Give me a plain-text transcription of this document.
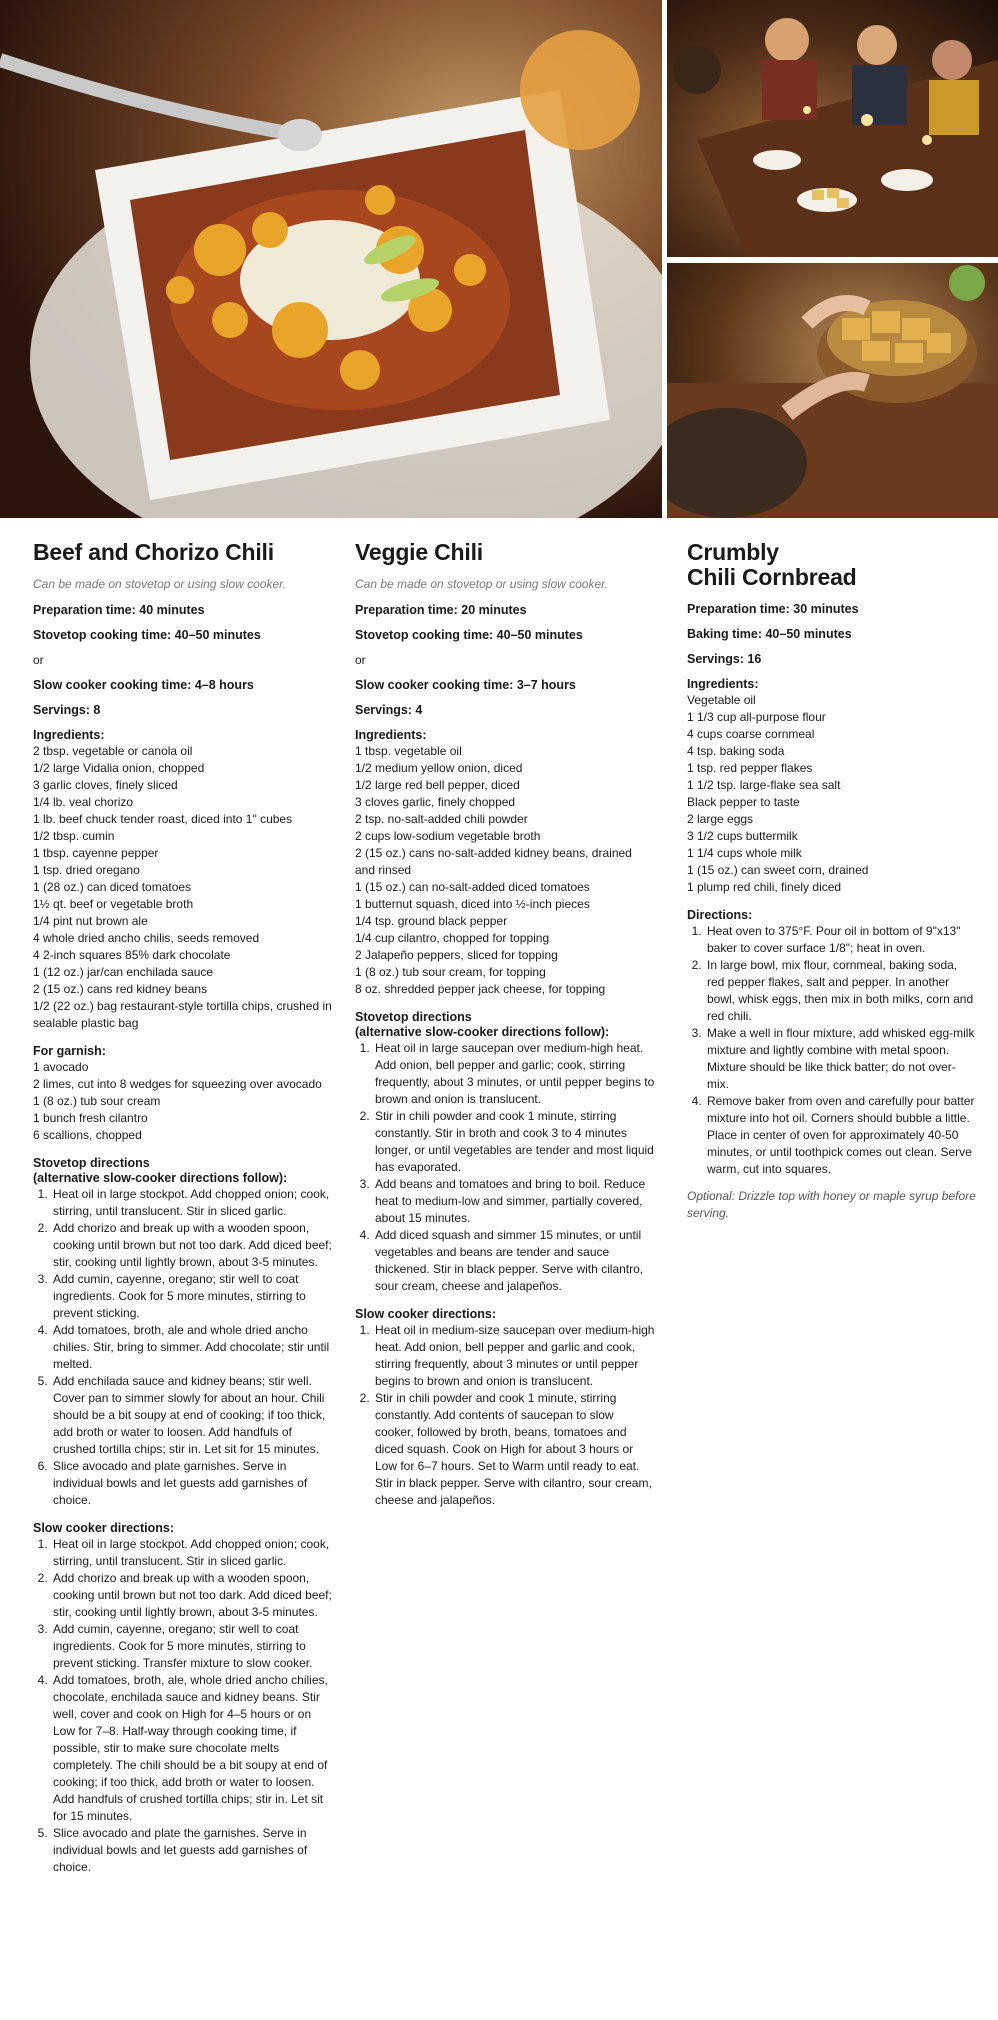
Beef and Chorizo Chili
Can be made on stovetop or using slow cooker.
Preparation time: 40 minutes
Stovetop cooking time: 40–50 minutes
or
Slow cooker cooking time: 4–8 hours
Servings: 8
Ingredients:
2 tbsp. vegetable or canola oil
1/2 large Vidalia onion, chopped
3 garlic cloves, finely sliced
1/4 lb. veal chorizo
1 lb. beef chuck tender roast, diced into 1" cubes
1/2 tbsp. cumin
1 tbsp. cayenne pepper
1 tsp. dried oregano
1 (28 oz.) can diced tomatoes
1½ qt. beef or vegetable broth
1/4 pint nut brown ale
4 whole dried ancho chilis, seeds removed
4 2-inch squares 85% dark chocolate
1 (12 oz.) jar/can enchilada sauce
2 (15 oz.) cans red kidney beans
1/2 (22 oz.) bag restaurant-style tortilla chips, crushed in sealable plastic bag
For garnish:
1 avocado
2 limes, cut into 8 wedges for squeezing over avocado
1 (8 oz.) tub sour cream
1 bunch fresh cilantro
6 scallions, chopped
Stovetop directions
(alternative slow-cooker directions follow):
1. Heat oil in large stockpot. Add chopped onion; cook, stirring, until translucent. Stir in sliced garlic.
2. Add chorizo and break up with a wooden spoon, cooking until brown but not too dark. Add diced beef; stir, cooking until lightly brown, about 3-5 minutes.
3. Add cumin, cayenne, oregano; stir well to coat ingredients. Cook for 5 more minutes, stirring to prevent sticking.
4. Add tomatoes, broth, ale and whole dried ancho chilies. Stir, bring to simmer. Add chocolate; stir until melted.
5. Add enchilada sauce and kidney beans; stir well. Cover pan to simmer slowly for about an hour. Chili should be a bit soupy at end of cooking; if too thick, add broth or water to loosen. Add handfuls of crushed tortilla chips; stir in. Let sit for 15 minutes.
6. Slice avocado and plate garnishes. Serve in individual bowls and let guests add garnishes of choice.
Slow cooker directions:
1. Heat oil in large stockpot. Add chopped onion; cook, stirring, until translucent. Stir in sliced garlic.
2. Add chorizo and break up with a wooden spoon, cooking until brown but not too dark. Add diced beef; stir, cooking until lightly brown, about 3-5 minutes.
3. Add cumin, cayenne, oregano; stir well to coat ingredients. Cook for 5 more minutes, stirring to prevent sticking. Transfer mixture to slow cooker.
4. Add tomatoes, broth, ale, whole dried ancho chilies, chocolate, enchilada sauce and kidney beans. Stir well, cover and cook on High for 4–5 hours or on Low for 7–8. Half-way through cooking time, if possible, stir to make sure chocolate melts completely. The chili should be a bit soupy at end of cooking; if too thick, add broth or water to loosen. Add handfuls of crushed tortilla chips; stir in. Let sit for 15 minutes.
5. Slice avocado and plate the garnishes. Serve in individual bowls and let guests add garnishes of choice.
Veggie Chili
Can be made on stovetop or using slow cooker.
Preparation time: 20 minutes
Stovetop cooking time: 40–50 minutes
or
Slow cooker cooking time: 3–7 hours
Servings: 4
Ingredients:
1 tbsp. vegetable oil
1/2 medium yellow onion, diced
1/2 large red bell pepper, diced
3 cloves garlic, finely chopped
2 tsp. no-salt-added chili powder
2 cups low-sodium vegetable broth
2 (15 oz.) cans no-salt-added kidney beans, drained and rinsed
1 (15 oz.) can no-salt-added diced tomatoes
1 butternut squash, diced into ½-inch pieces
1/4 tsp. ground black pepper
1/4 cup cilantro, chopped for topping
2 Jalapeño peppers, sliced for topping
1 (8 oz.) tub sour cream, for topping
8 oz. shredded pepper jack cheese, for topping
Stovetop directions
(alternative slow-cooker directions follow):
1. Heat oil in large saucepan over medium-high heat. Add onion, bell pepper and garlic; cook, stirring frequently, about 3 minutes, or until pepper begins to brown and onion is translucent.
2. Stir in chili powder and cook 1 minute, stirring constantly. Stir in broth and cook 3 to 4 minutes longer, or until vegetables are tender and most liquid has evaporated.
3. Add beans and tomatoes and bring to boil. Reduce heat to medium-low and simmer, partially covered, about 15 minutes.
4. Add diced squash and simmer 15 minutes, or until vegetables and beans are tender and sauce thickened. Stir in black pepper. Serve with cilantro, sour cream, cheese and jalapeños.
Slow cooker directions:
1. Heat oil in medium-size saucepan over medium-high heat. Add onion, bell pepper and garlic and cook, stirring frequently, about 3 minutes or until pepper begins to brown and onion is translucent.
2. Stir in chili powder and cook 1 minute, stirring constantly. Add contents of saucepan to slow cooker, followed by broth, beans, tomatoes and diced squash. Cook on High for about 3 hours or Low for 6–7 hours. Set to Warm until ready to eat. Stir in black pepper. Serve with cilantro, sour cream, cheese and jalapeños.
Crumbly
Chili Cornbread
Preparation time: 30 minutes
Baking time: 40–50 minutes
Servings: 16
Ingredients:
Vegetable oil
1 1/3 cup all-purpose flour
4 cups coarse cornmeal
4 tsp. baking soda
1 tsp. red pepper flakes
1 1/2 tsp. large-flake sea salt
Black pepper to taste
2 large eggs
3 1/2 cups buttermilk
1 1/4 cups whole milk
1 (15 oz.) can sweet corn, drained
1 plump red chili, finely diced
Directions:
1. Heat oven to 375°F. Pour oil in bottom of 9"x13" baker to cover surface 1/8"; heat in oven.
2. In large bowl, mix flour, cornmeal, baking soda, red pepper flakes, salt and pepper. In another bowl, whisk eggs, then mix in both milks, corn and red chili.
3. Make a well in flour mixture, add whisked egg-milk mixture and lightly combine with metal spoon. Mixture should be like thick batter; do not over-mix.
4. Remove baker from oven and carefully pour batter mixture into hot oil. Corners should bubble a little. Place in center of oven for approximately 40-50 minutes, or until toothpick comes out clean. Serve warm, cut into squares.
Optional: Drizzle top with honey or maple syrup before serving.
